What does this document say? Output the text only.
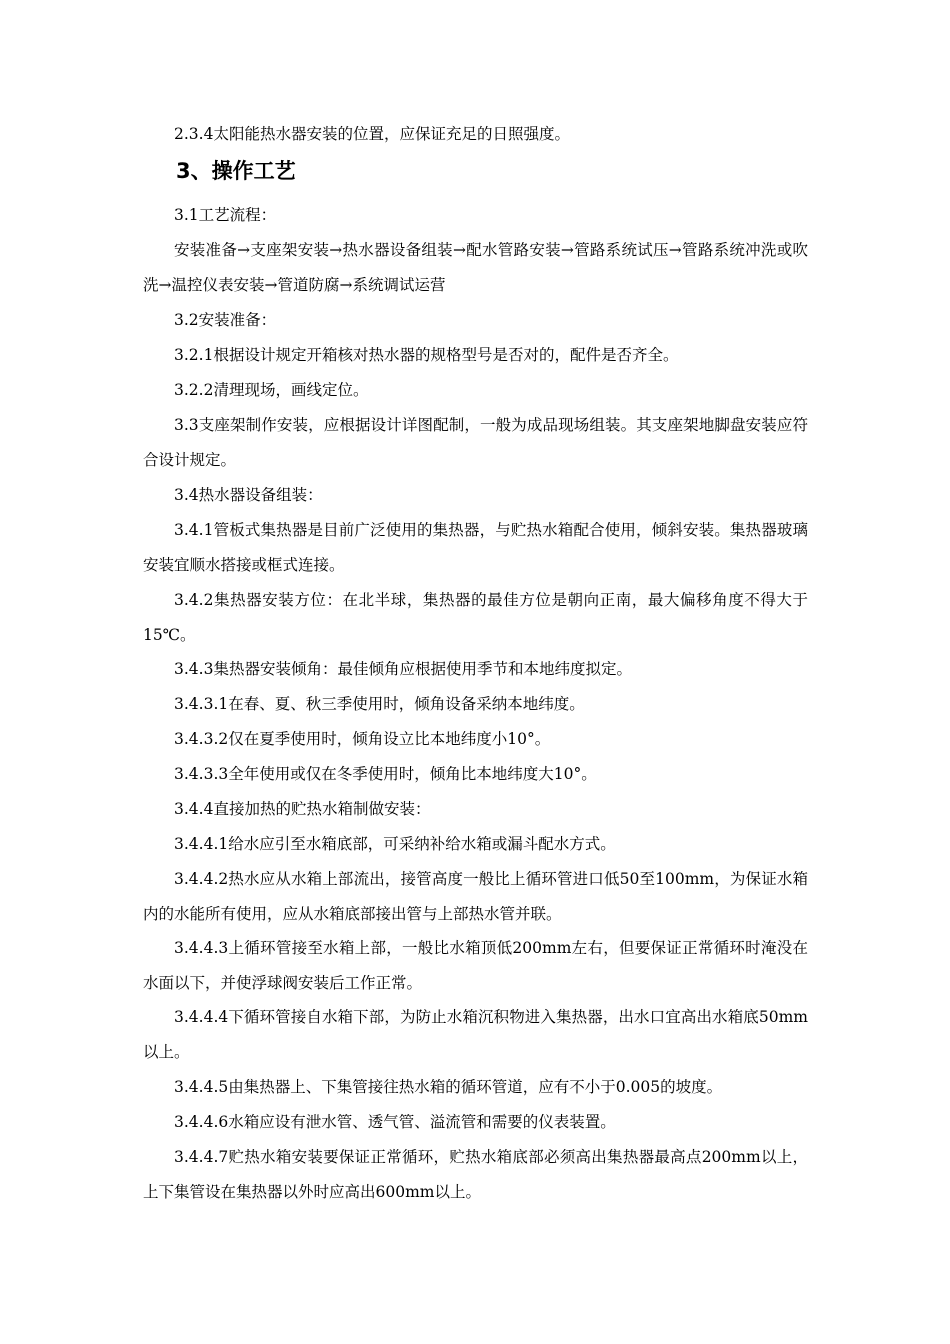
2.3.4太阳能热水器安装的位置，应保证充足的日照强度。

3、操作工艺

3.1工艺流程：

安装准备→支座架安装→热水器设备组装→配水管路安装→管路系统试压→管路系统冲洗或吹洗→温控仪表安装→管道防腐→系统调试运营

3.2安装准备：

3.2.1根据设计规定开箱核对热水器的规格型号是否对的，配件是否齐全。

3.2.2清理现场，画线定位。

3.3支座架制作安装，应根据设计详图配制，一般为成品现场组装。其支座架地脚盘安装应符合设计规定。

3.4热水器设备组装：

3.4.1管板式集热器是目前广泛使用的集热器，与贮热水箱配合使用，倾斜安装。集热器玻璃安装宜顺水搭接或框式连接。

3.4.2集热器安装方位：在北半球，集热器的最佳方位是朝向正南，最大偏移角度不得大于15℃。

3.4.3集热器安装倾角：最佳倾角应根据使用季节和本地纬度拟定。

3.4.3.1在春、夏、秋三季使用时，倾角设备采纳本地纬度。

3.4.3.2仅在夏季使用时，倾角设立比本地纬度小10°。

3.4.3.3全年使用或仅在冬季使用时，倾角比本地纬度大10°。

3.4.4直接加热的贮热水箱制做安装：

3.4.4.1给水应引至水箱底部，可采纳补给水箱或漏斗配水方式。

3.4.4.2热水应从水箱上部流出，接管高度一般比上循环管进口低50至100mm，为保证水箱内的水能所有使用，应从水箱底部接出管与上部热水管并联。

3.4.4.3上循环管接至水箱上部，一般比水箱顶低200mm左右，但要保证正常循环时淹没在水面以下，并使浮球阀安装后工作正常。

3.4.4.4下循环管接自水箱下部，为防止水箱沉积物进入集热器，出水口宜高出水箱底50mm以上。

3.4.4.5由集热器上、下集管接往热水箱的循环管道，应有不小于0.005的坡度。

3.4.4.6水箱应设有泄水管、透气管、溢流管和需要的仪表装置。

3.4.4.7贮热水箱安装要保证正常循环，贮热水箱底部必须高出集热器最高点200mm以上，上下集管设在集热器以外时应高出600mm以上。
